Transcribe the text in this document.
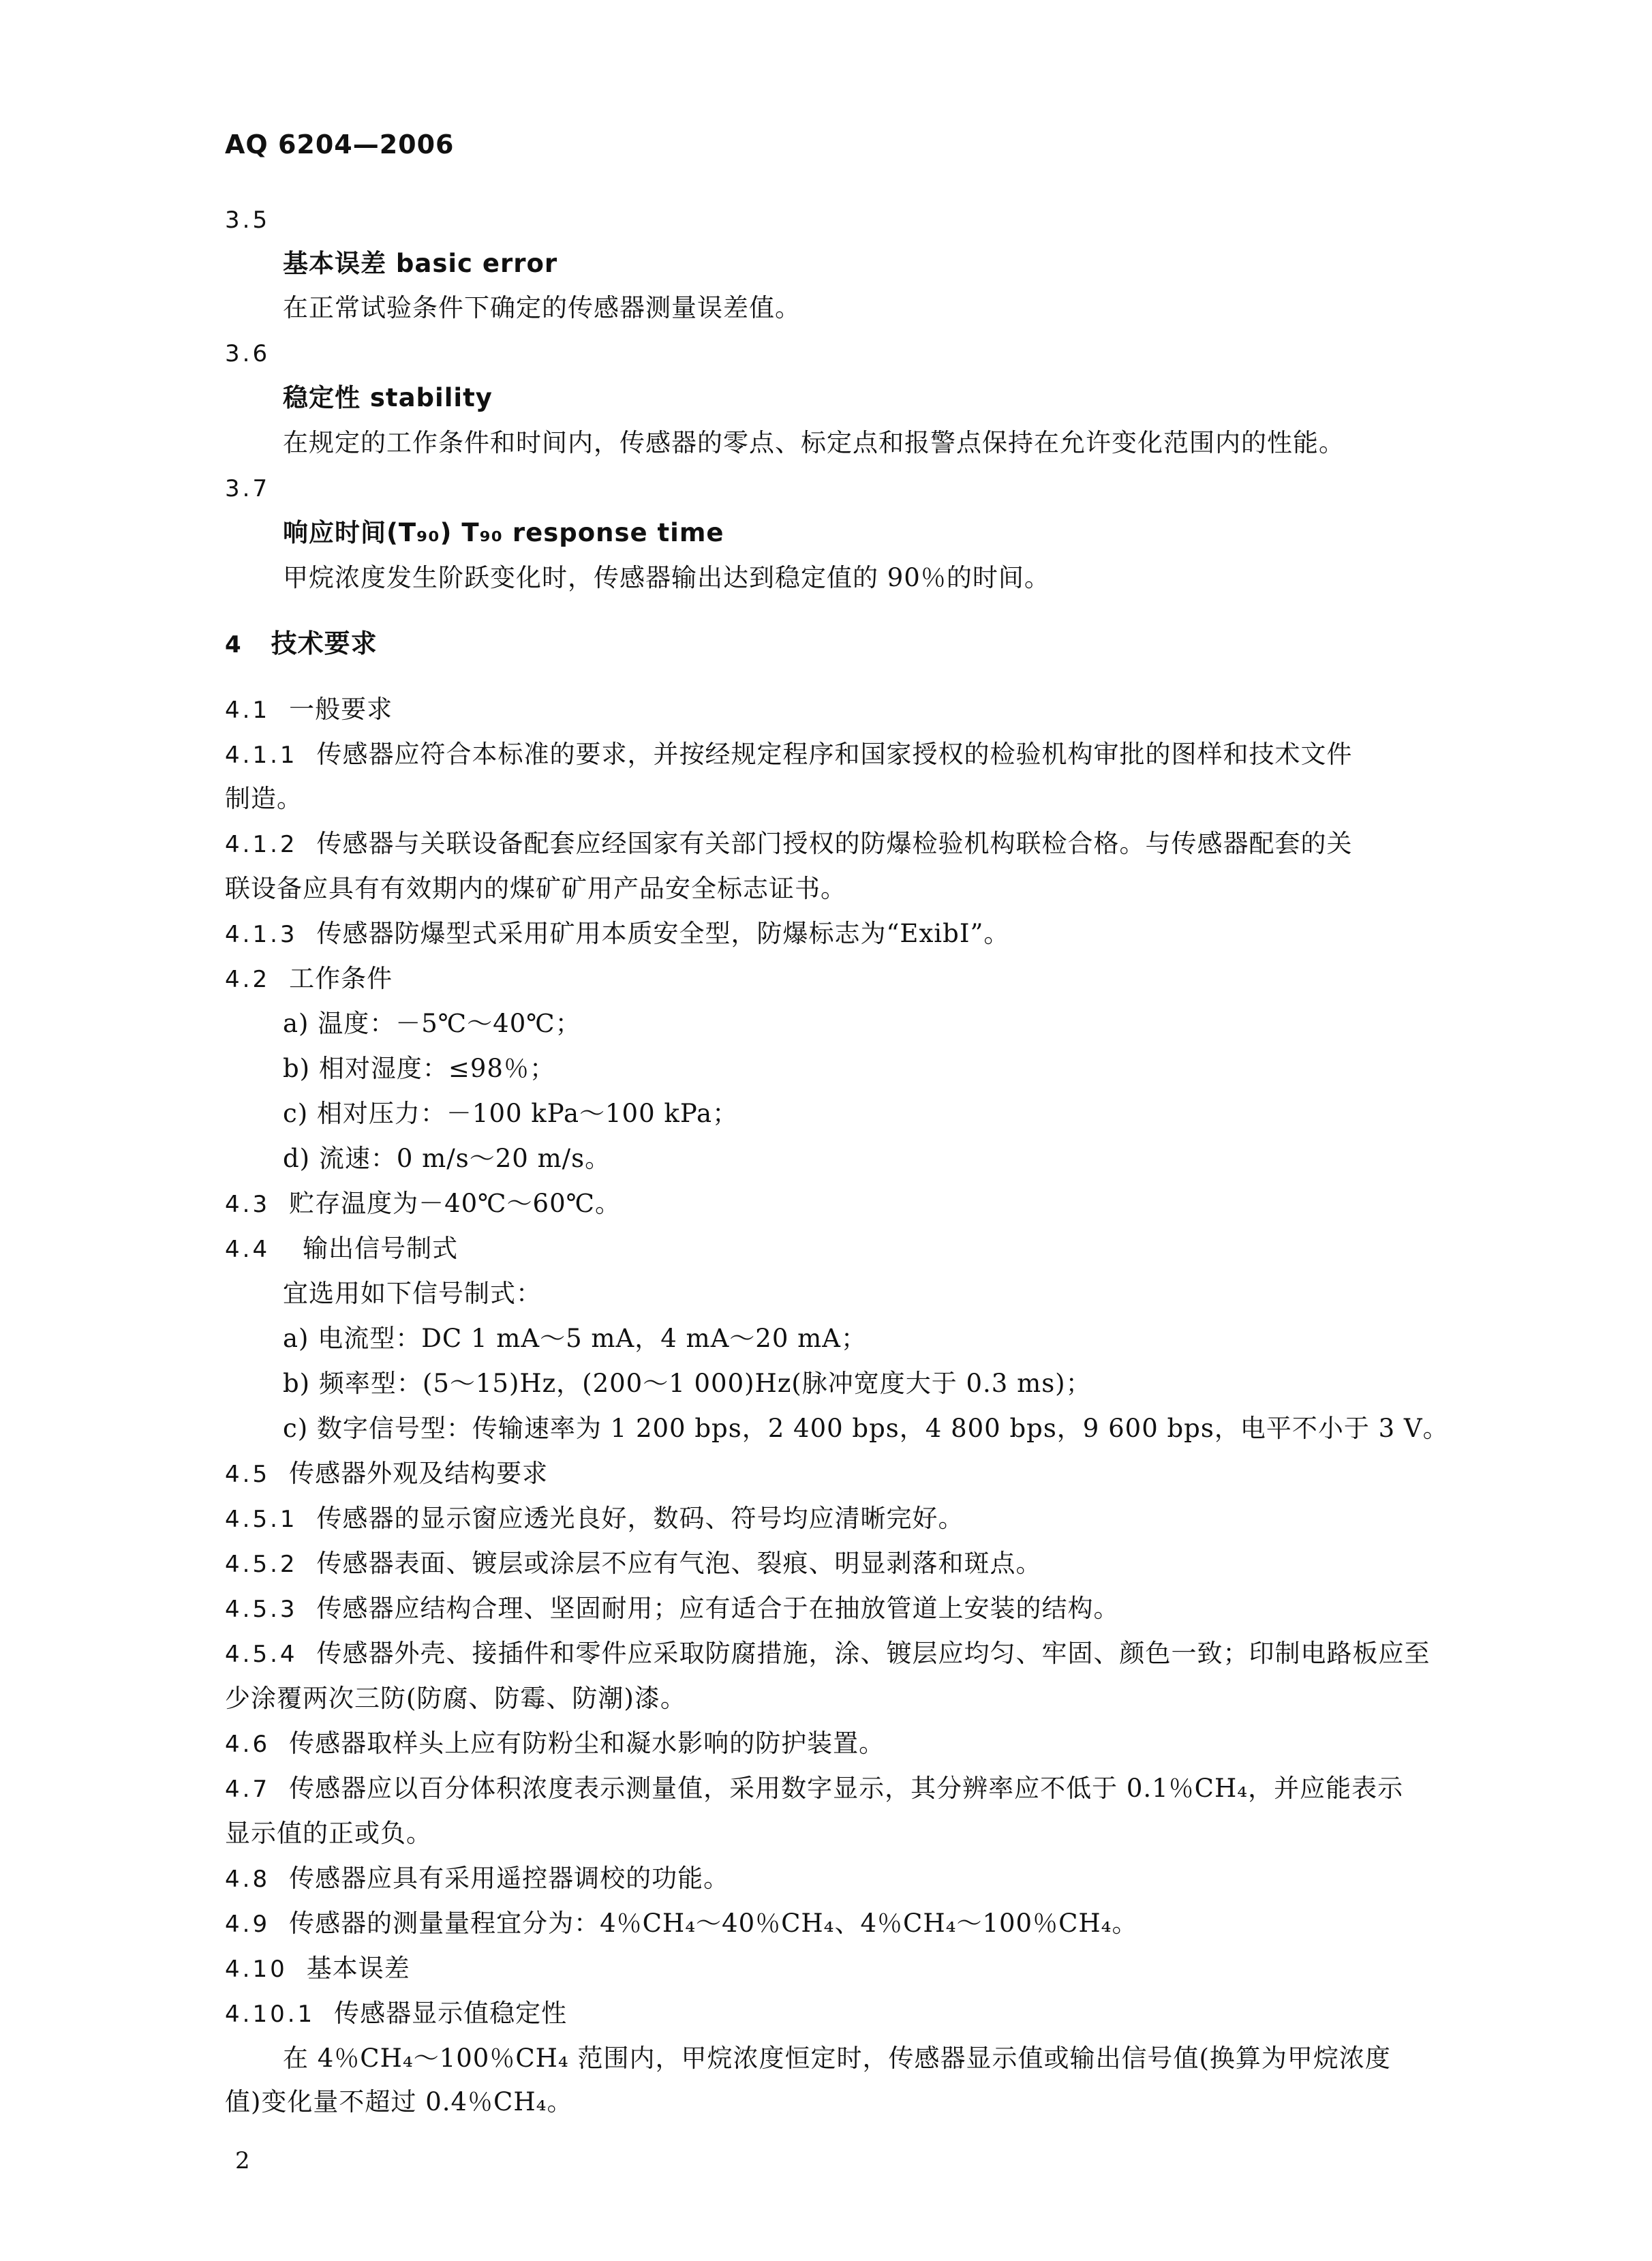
AQ 6204—2006
3.5
基本误差 basic error
在正常试验条件下确定的传感器测量误差值。
3.6
稳定性 stability
在规定的工作条件和时间内，传感器的零点、标定点和报警点保持在允许变化范围内的性能。
3.7
响应时间(T₉₀) T₉₀ response time
甲烷浓度发生阶跃变化时，传感器输出达到稳定值的 90％的时间。
4 技术要求
4.1 一般要求
4.1.1 传感器应符合本标准的要求，并按经规定程序和国家授权的检验机构审批的图样和技术文件
制造。
4.1.2 传感器与关联设备配套应经国家有关部门授权的防爆检验机构联检合格。与传感器配套的关
联设备应具有有效期内的煤矿矿用产品安全标志证书。
4.1.3 传感器防爆型式采用矿用本质安全型，防爆标志为“ExibI”。
4.2 工作条件
a) 温度：－5℃～40℃；
b) 相对湿度：≤98％；
c) 相对压力：－100 kPa～100 kPa；
d) 流速：0 m/s～20 m/s。
4.3 贮存温度为－40℃～60℃。
4.4 输出信号制式
宜选用如下信号制式：
a) 电流型：DC 1 mA～5 mA，4 mA～20 mA；
b) 频率型：(5～15)Hz，(200～1 000)Hz(脉冲宽度大于 0.3 ms)；
c) 数字信号型：传输速率为 1 200 bps，2 400 bps，4 800 bps，9 600 bps，电平不小于 3 V。
4.5 传感器外观及结构要求
4.5.1 传感器的显示窗应透光良好，数码、符号均应清晰完好。
4.5.2 传感器表面、镀层或涂层不应有气泡、裂痕、明显剥落和斑点。
4.5.3 传感器应结构合理、坚固耐用；应有适合于在抽放管道上安装的结构。
4.5.4 传感器外壳、接插件和零件应采取防腐措施，涂、镀层应均匀、牢固、颜色一致；印制电路板应至
少涂覆两次三防(防腐、防霉、防潮)漆。
4.6 传感器取样头上应有防粉尘和凝水影响的防护装置。
4.7 传感器应以百分体积浓度表示测量值，采用数字显示，其分辨率应不低于 0.1％CH₄，并应能表示
显示值的正或负。
4.8 传感器应具有采用遥控器调校的功能。
4.9 传感器的测量量程宜分为：4％CH₄～40％CH₄、4％CH₄～100％CH₄。
4.10 基本误差
4.10.1 传感器显示值稳定性
在 4％CH₄～100％CH₄ 范围内，甲烷浓度恒定时，传感器显示值或输出信号值(换算为甲烷浓度
值)变化量不超过 0.4％CH₄。
2
